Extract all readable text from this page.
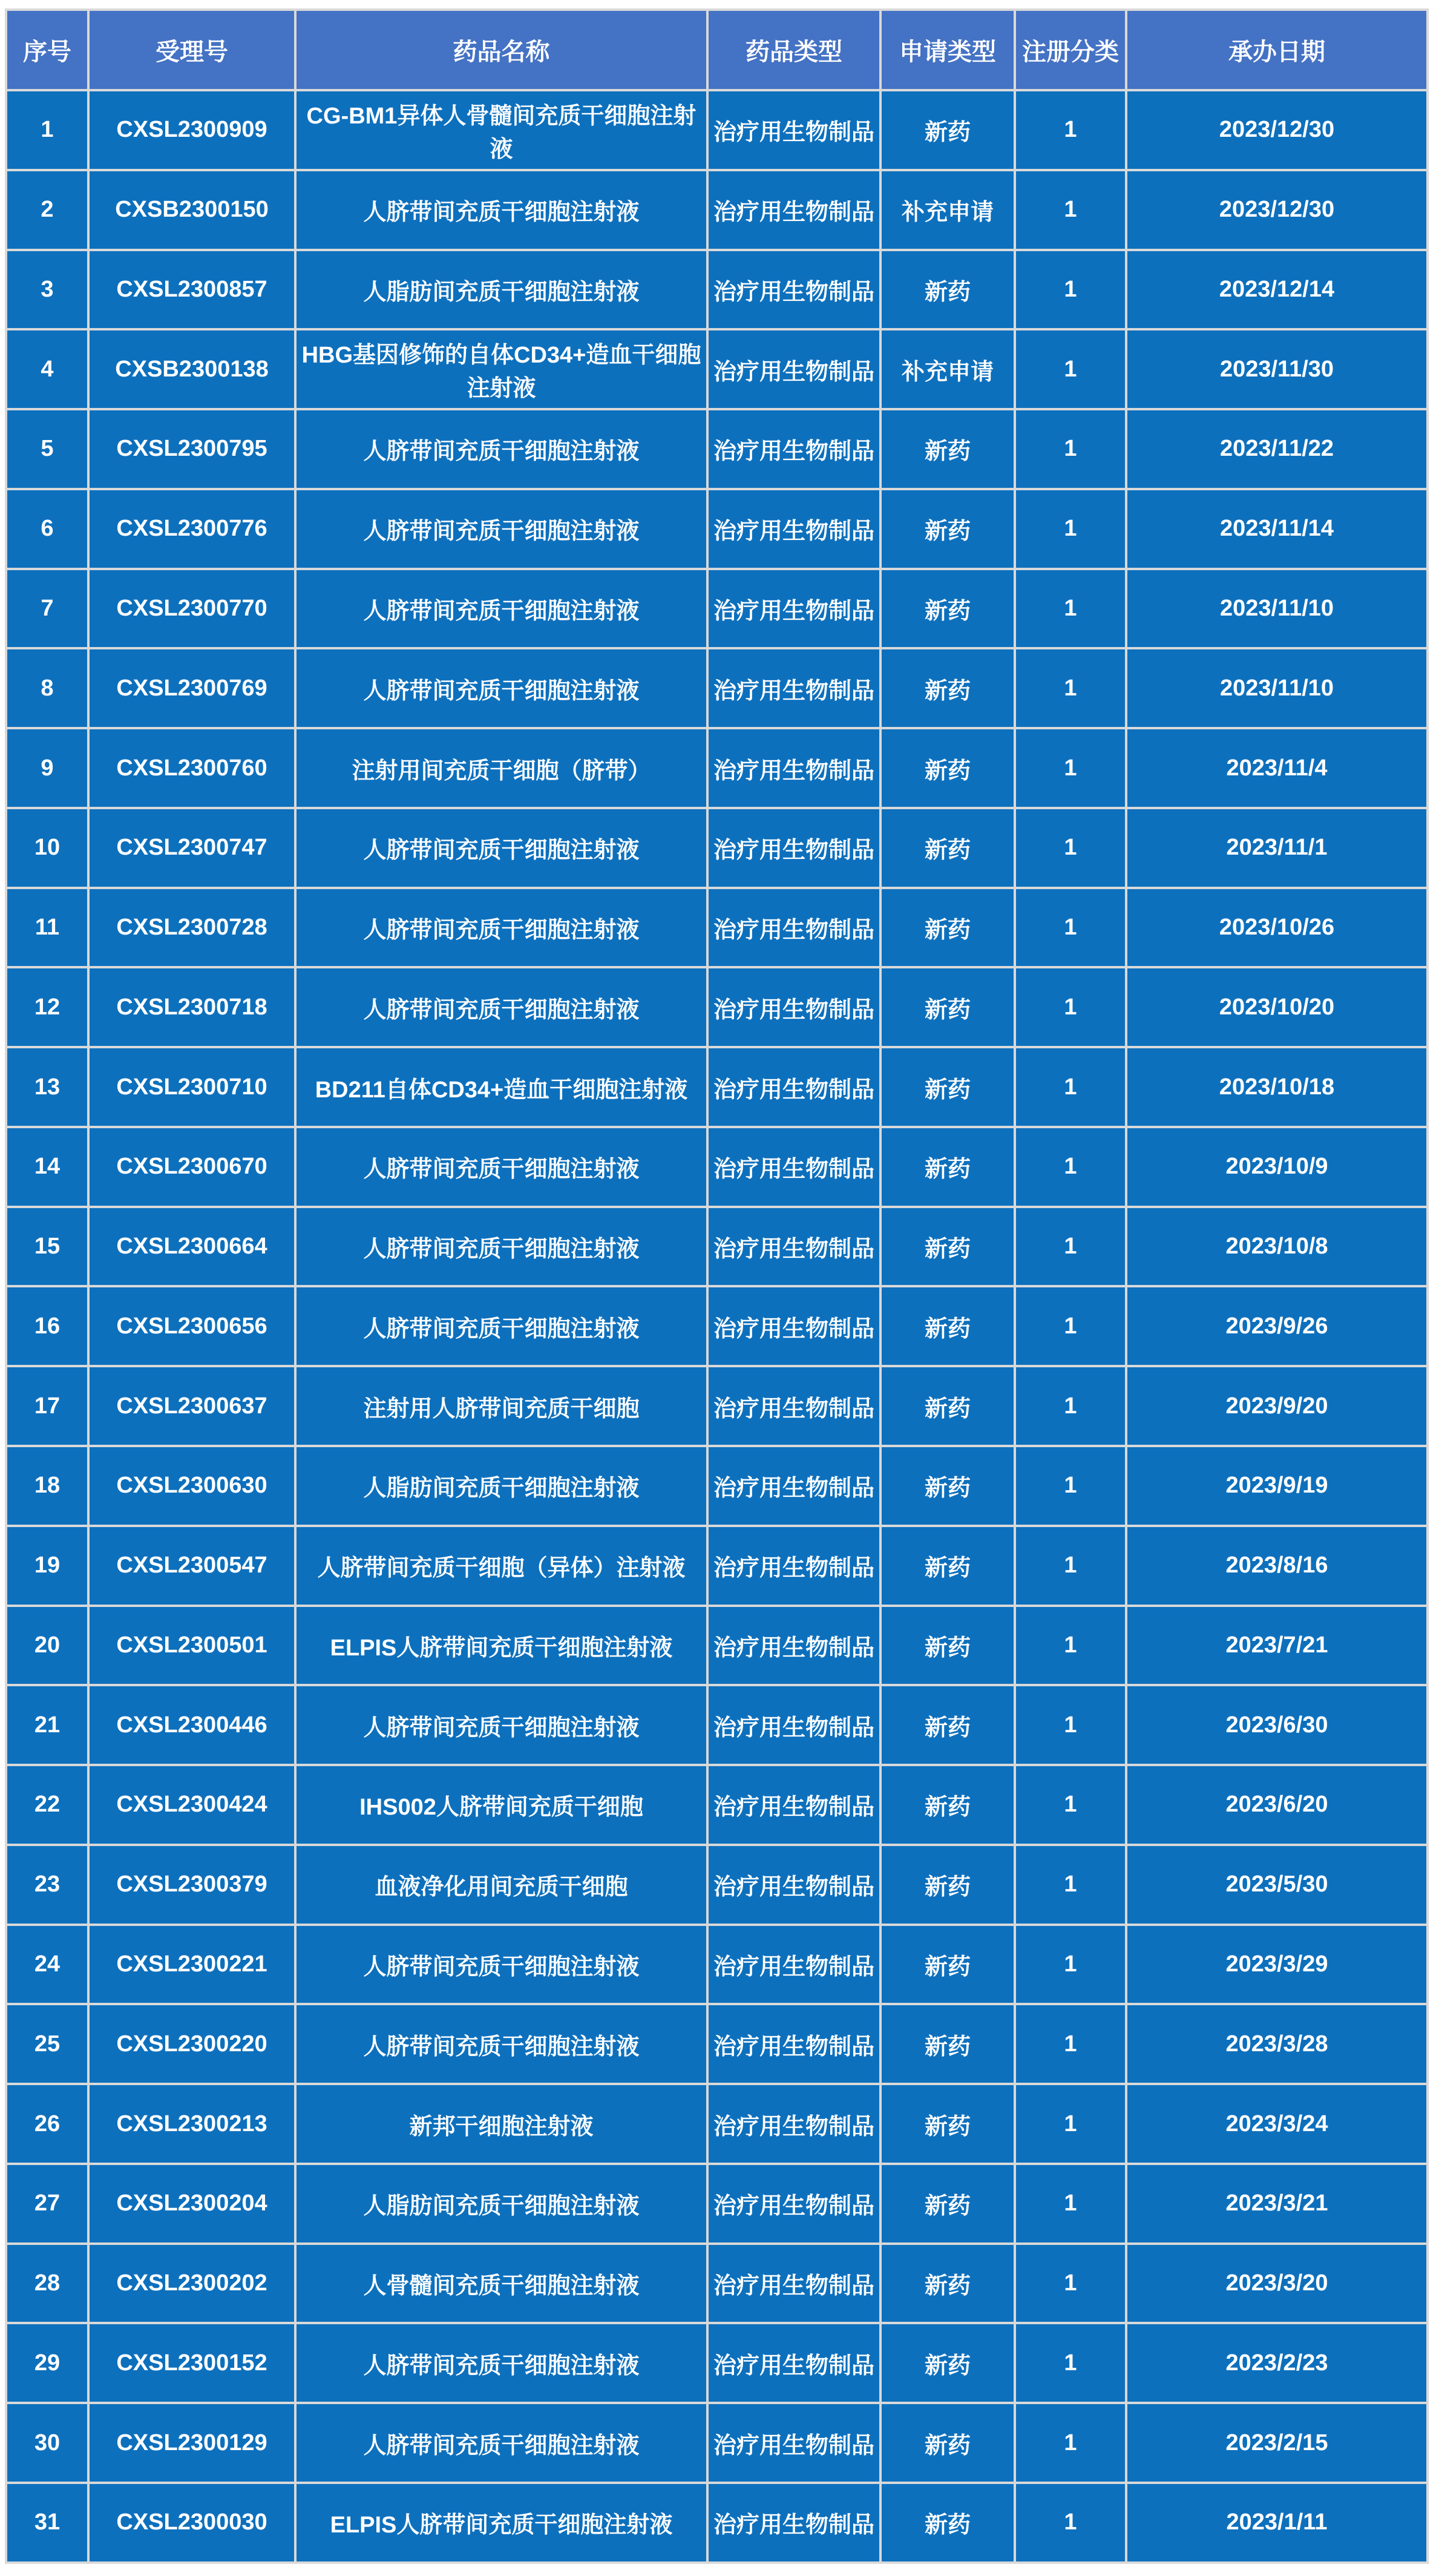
序号	受理号	药品名称	药品类型	申请类型	注册分类	承办日期
1	CXSL2300909	CG-BM1异体人骨髓间充质干细胞注射液	治疗用生物制品	新药	1	2023/12/30
2	CXSB2300150	人脐带间充质干细胞注射液	治疗用生物制品	补充申请	1	2023/12/30
3	CXSL2300857	人脂肪间充质干细胞注射液	治疗用生物制品	新药	1	2023/12/14
4	CXSB2300138	HBG基因修饰的自体CD34+造血干细胞注射液	治疗用生物制品	补充申请	1	2023/11/30
5	CXSL2300795	人脐带间充质干细胞注射液	治疗用生物制品	新药	1	2023/11/22
6	CXSL2300776	人脐带间充质干细胞注射液	治疗用生物制品	新药	1	2023/11/14
7	CXSL2300770	人脐带间充质干细胞注射液	治疗用生物制品	新药	1	2023/11/10
8	CXSL2300769	人脐带间充质干细胞注射液	治疗用生物制品	新药	1	2023/11/10
9	CXSL2300760	注射用间充质干细胞（脐带）	治疗用生物制品	新药	1	2023/11/4
10	CXSL2300747	人脐带间充质干细胞注射液	治疗用生物制品	新药	1	2023/11/1
11	CXSL2300728	人脐带间充质干细胞注射液	治疗用生物制品	新药	1	2023/10/26
12	CXSL2300718	人脐带间充质干细胞注射液	治疗用生物制品	新药	1	2023/10/20
13	CXSL2300710	BD211自体CD34+造血干细胞注射液	治疗用生物制品	新药	1	2023/10/18
14	CXSL2300670	人脐带间充质干细胞注射液	治疗用生物制品	新药	1	2023/10/9
15	CXSL2300664	人脐带间充质干细胞注射液	治疗用生物制品	新药	1	2023/10/8
16	CXSL2300656	人脐带间充质干细胞注射液	治疗用生物制品	新药	1	2023/9/26
17	CXSL2300637	注射用人脐带间充质干细胞	治疗用生物制品	新药	1	2023/9/20
18	CXSL2300630	人脂肪间充质干细胞注射液	治疗用生物制品	新药	1	2023/9/19
19	CXSL2300547	人脐带间充质干细胞（异体）注射液	治疗用生物制品	新药	1	2023/8/16
20	CXSL2300501	ELPIS人脐带间充质干细胞注射液	治疗用生物制品	新药	1	2023/7/21
21	CXSL2300446	人脐带间充质干细胞注射液	治疗用生物制品	新药	1	2023/6/30
22	CXSL2300424	IHS002人脐带间充质干细胞	治疗用生物制品	新药	1	2023/6/20
23	CXSL2300379	血液净化用间充质干细胞	治疗用生物制品	新药	1	2023/5/30
24	CXSL2300221	人脐带间充质干细胞注射液	治疗用生物制品	新药	1	2023/3/29
25	CXSL2300220	人脐带间充质干细胞注射液	治疗用生物制品	新药	1	2023/3/28
26	CXSL2300213	新邦干细胞注射液	治疗用生物制品	新药	1	2023/3/24
27	CXSL2300204	人脂肪间充质干细胞注射液	治疗用生物制品	新药	1	2023/3/21
28	CXSL2300202	人骨髓间充质干细胞注射液	治疗用生物制品	新药	1	2023/3/20
29	CXSL2300152	人脐带间充质干细胞注射液	治疗用生物制品	新药	1	2023/2/23
30	CXSL2300129	人脐带间充质干细胞注射液	治疗用生物制品	新药	1	2023/2/15
31	CXSL2300030	ELPIS人脐带间充质干细胞注射液	治疗用生物制品	新药	1	2023/1/11
